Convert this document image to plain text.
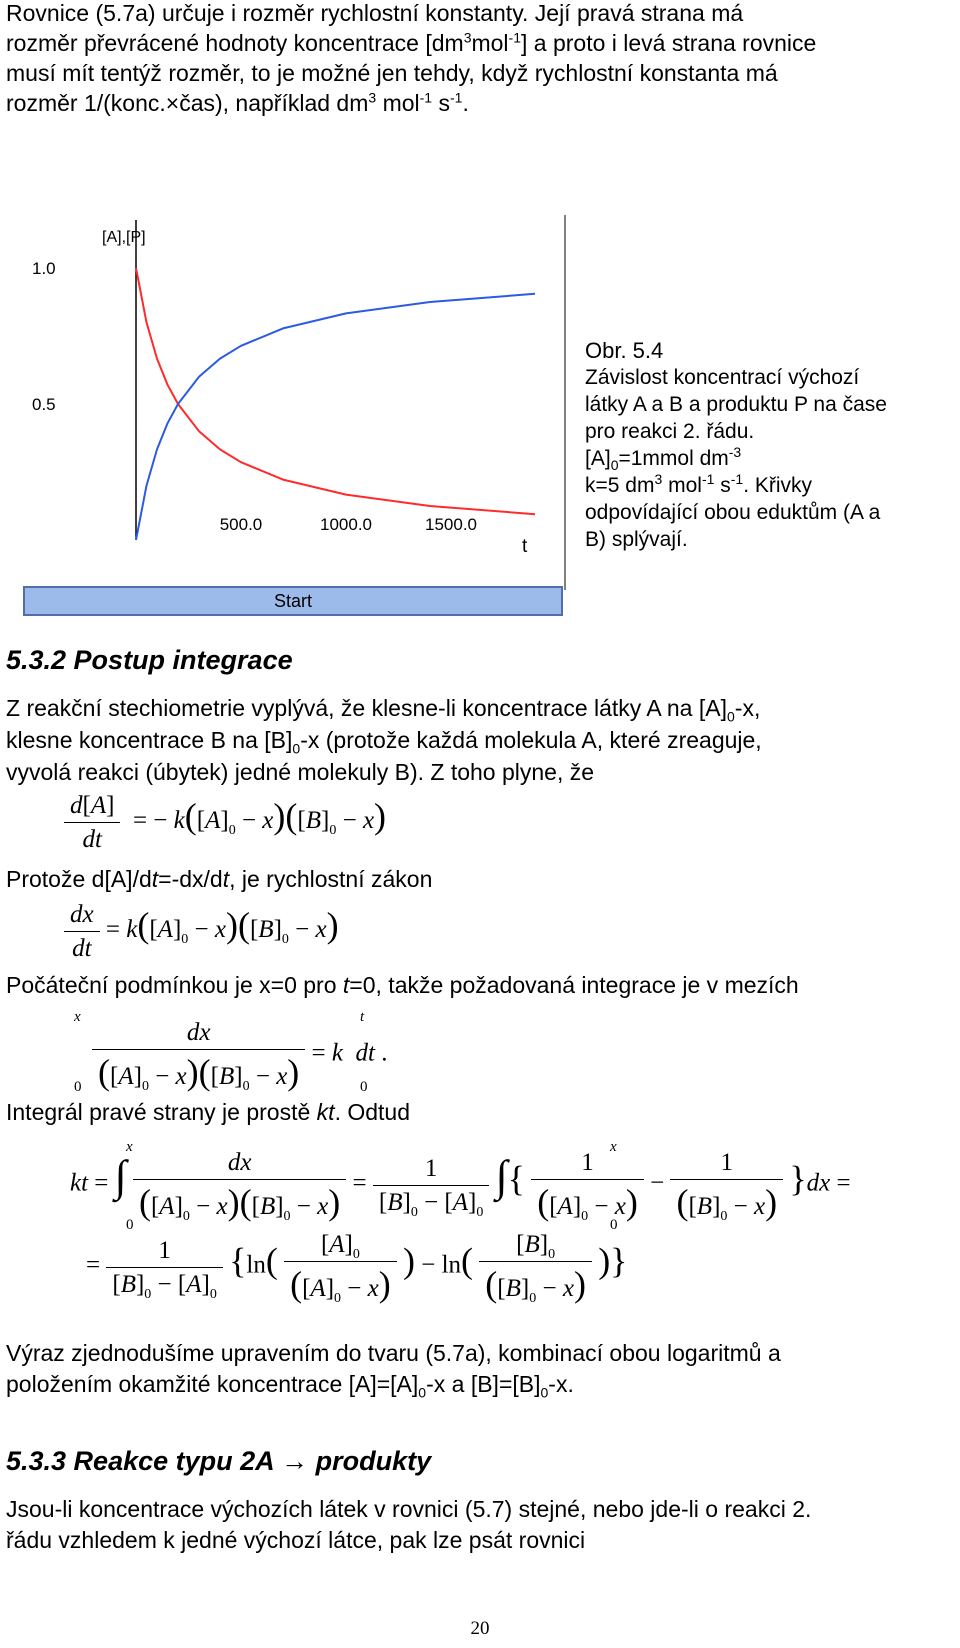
Rovnice (5.7a) určuje i rozměr rychlostní konstanty. Její pravá strana má

rozměr převrácené hodnoty koncentrace $[dm^3mol^{-1}]$ a proto i levá strana rovnice

musí mít tentýž rozměr, to je možné jen tehdy, když rychlostní konstanta má

rozměr 1/(konc.×čas), například $dm^3$ mol$^{-1}$ $s^{-1}$.

[A],[P]
t
1.0
0.5
500.0	1000.0	1500.0
Start
Obr. 5.4
Závislost koncentrací výchozí
látky A a B a produktu P na čase
pro reakci 2. řádu.
$[A]_0=1mmol$ $dm^{-3}$
k=5 $dm^3$ mol$^{-1}$ $s^{-1}$. Křivky
odpovídající obou eduktům (A a
B) splývají.
5.3.2 Postup integrace

Z reakční stechiometrie vyplývá, že klesne-li koncentrace látky A na $[A]_0-x$,

klesne koncentrace B na $[B]_0-x$ (protože každá molekula A, které zreaguje,

vyvolá reakci (úbytek) jedné molekuly B). Z toho plyne, že

$\frac{d[A]}{dt}$ = − $k([A]_0 - x)([B]_0 - x)$

Protože d[A]/dt=-dx/dt, je rychlostní zákon

$\frac{dx}{dt} = k([A]_0 - x)([B]_0 - x)$

Počáteční podmínkou je x=0 pro t=0, takže požadovaná integrace je v mezích

x
0
t
0
$\frac{dx}{([A]_0 - x)([B]_0 - x)} = k$ dt .

Integrál pravé strany je prostě kt. Odtud

x
0
x
0
kt = ∫ $\frac{dx}{([A]_0 - x)([B]_0 - x)} = \frac{1}{[B]_0 - [A]_0}$ ∫{ $\frac{1}{([A]_0 - x)} - \frac{1}{([B]_0 - x)} \}dx$ =
= $\frac{1}{[B]_0 - [A]_0} \{\ln( \frac{[A]_0}{([A]_0 - x)}$ ) − $\ln( \frac{[B]_0}{([B]_0 - x)}$ )}

Výraz zjednodušíme upravením do tvaru (5.7a), kombinací obou logaritmů a

položením okamžité koncentrace $[A]=[A]_0-x$ a $[B]=[B]_0-x$.

5.3.3 Reakce typu 2A → produkty

Jsou-li koncentrace výchozích látek v rovnici (5.7) stejné, nebo jde-li o reakci 2.

řádu vzhledem k jedné výchozí látce, pak lze psát rovnici

20
